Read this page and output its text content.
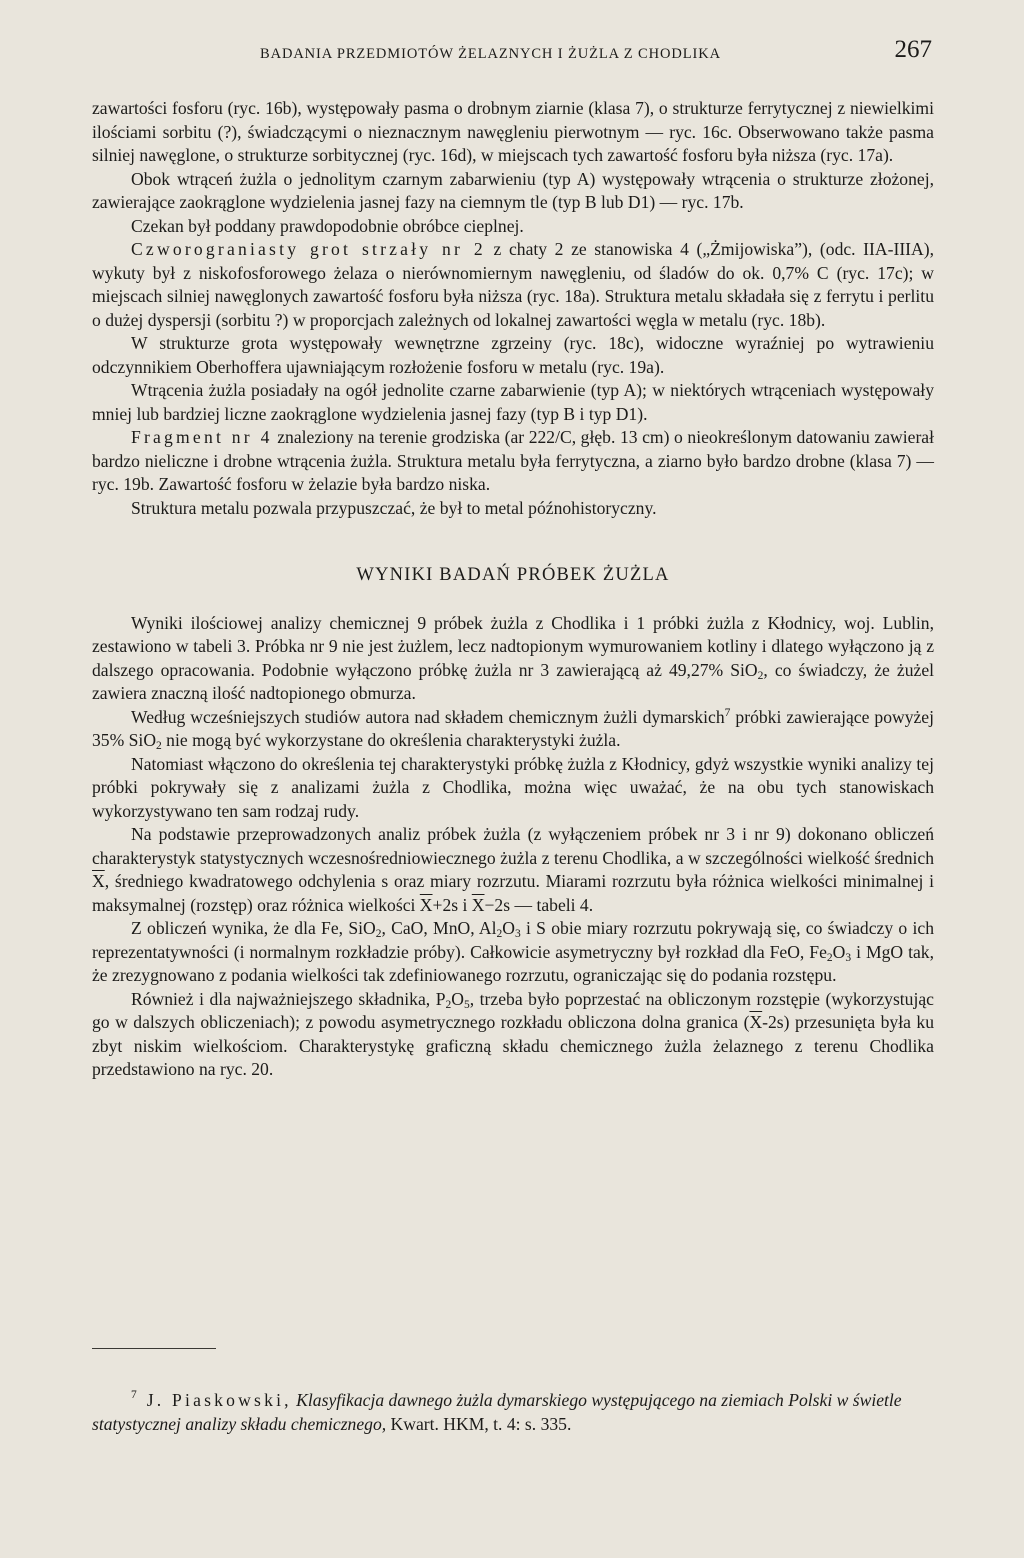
BADANIA PRZEDMIOTÓW ŻELAZNYCH I ŻUŻLA Z CHODLIKA	267

zawartości fosforu (ryc. 16b), występowały pasma o drobnym ziarnie (klasa 7), o strukturze ferrytycznej z niewielkimi ilościami sorbitu (?), świadczącymi o nieznacznym nawęgleniu pierwotnym — ryc. 16c. Obserwowano także pasma silniej nawęglone, o strukturze sorbitycznej (ryc. 16d), w miejscach tych zawartość fosforu była niższa (ryc. 17a).

Obok wtrąceń żużla o jednolitym czarnym zabarwieniu (typ A) występowały wtrącenia o strukturze złożonej, zawierające zaokrąglone wydzielenia jasnej fazy na ciemnym tle (typ B lub D1) — ryc. 17b.

Czekan był poddany prawdopodobnie obróbce cieplnej.

Czworograniasty grot strzały nr 2 z chaty 2 ze stanowiska 4 („Żmijowiska”), (odc. IIA-IIIA), wykuty był z niskofosforowego żelaza o nierównomiernym nawęgleniu, od śladów do ok. 0,7% C (ryc. 17c); w miejscach silniej nawęglonych zawartość fosforu była niższa (ryc. 18a). Struktura metalu składała się z ferrytu i perlitu o dużej dyspersji (sorbitu ?) w proporcjach zależnych od lokalnej zawartości węgla w metalu (ryc. 18b).

W strukturze grota występowały wewnętrzne zgrzeiny (ryc. 18c), widoczne wyraźniej po wytrawieniu odczynnikiem Oberhoffera ujawniającym rozłożenie fosforu w metalu (ryc. 19a).

Wtrącenia żużla posiadały na ogół jednolite czarne zabarwienie (typ A); w niektórych wtrąceniach występowały mniej lub bardziej liczne zaokrąglone wydzielenia jasnej fazy (typ B i typ D1).

Fragment nr 4 znaleziony na terenie grodziska (ar 222/C, głęb. 13 cm) o nieokreślonym datowaniu zawierał bardzo nieliczne i drobne wtrącenia żużla. Struktura metalu była ferrytyczna, a ziarno było bardzo drobne (klasa 7) — ryc. 19b. Zawartość fosforu w żelazie była bardzo niska.

Struktura metalu pozwala przypuszczać, że był to metal późnohistoryczny.

WYNIKI BADAŃ PRÓBEK ŻUŻLA

Wyniki ilościowej analizy chemicznej 9 próbek żużla z Chodlika i 1 próbki żużla z Kłodnicy, woj. Lublin, zestawiono w tabeli 3. Próbka nr 9 nie jest żużlem, lecz nadtopionym wymurowaniem kotliny i dlatego wyłączono ją z dalszego opracowania. Podobnie wyłączono próbkę żużla nr 3 zawierającą aż 49,27% SiO$_2$, co świadczy, że żużel zawiera znaczną ilość nadtopionego obmurza.

Według wcześniejszych studiów autora nad składem chemicznym żużli dymarskich$^7$ próbki zawierające powyżej 35% SiO$_2$ nie mogą być wykorzystane do określenia charakterystyki żużla.

Natomiast włączono do określenia tej charakterystyki próbkę żużla z Kłodnicy, gdyż wszystkie wyniki analizy tej próbki pokrywały się z analizami żużla z Chodlika, można więc uważać, że na obu tych stanowiskach wykorzystywano ten sam rodzaj rudy.

Na podstawie przeprowadzonych analiz próbek żużla (z wyłączeniem próbek nr 3 i nr 9) dokonano obliczeń charakterystyk statystycznych wczesnośredniowiecznego żużla z terenu Chodlika, a w szczególności wielkość średnich $\overline{X}$, średniego kwadratowego odchylenia s oraz miary rozrzutu. Miarami rozrzutu była różnica wielkości minimalnej i maksymalnej (rozstęp) oraz różnica wielkości $\overline{X}+2s$ i $\overline{X}-2s$ — tabeli 4.

Z obliczeń wynika, że dla Fe, SiO$_2$, CaO, MnO, $Al_2O_3$ i S obie miary rozrzutu pokrywają się, co świadczy o ich reprezentatywności (i normalnym rozkładzie próby). Całkowicie asymetryczny był rozkład dla FeO, $Fe_2O_3$ i MgO tak, że zrezygnowano z podania wielkości tak zdefiniowanego rozrzutu, ograniczając się do podania rozstępu.

Również i dla najważniejszego składnika, $P_2O_5$, trzeba było poprzestać na obliczonym rozstępie (wykorzystując go w dalszych obliczeniach); z powodu asymetrycznego rozkładu obliczona dolna granica $(\overline{X}-2s)$ przesunięta była ku zbyt niskim wielkościom. Charakterystykę graficzną składu chemicznego żużla żelaznego z terenu Chodlika przedstawiono na ryc. 20.

$^7$ J. Piaskowski, Klasyfikacja dawnego żużla dymarskiego występującego na ziemiach Polski w świetle statystycznej analizy składu chemicznego, Kwart. HKM, t. 4: s. 335.
